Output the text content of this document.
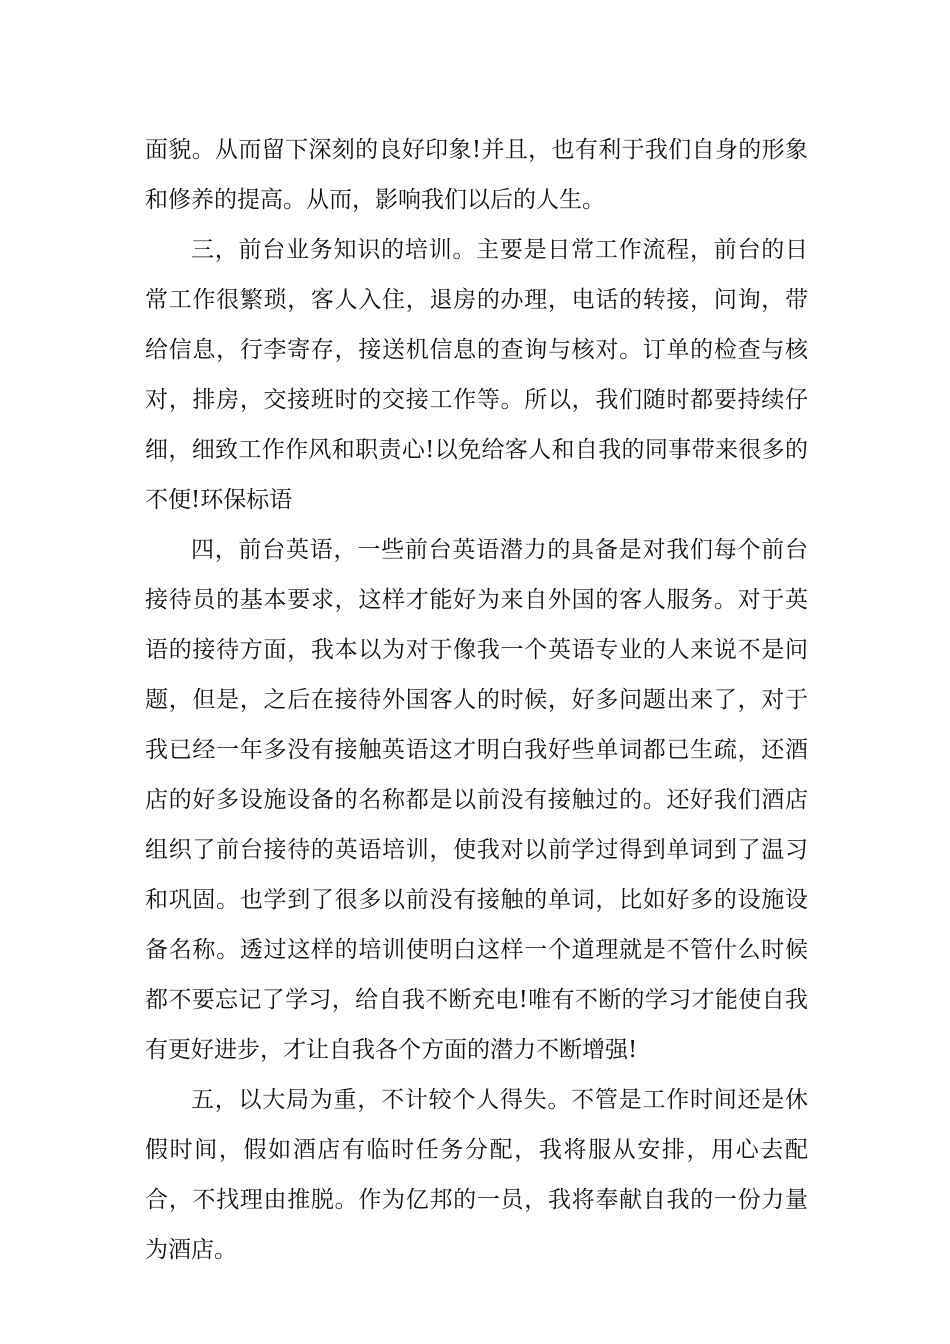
面貌。从而留下深刻的良好印象!并且，也有利于我们自身的形象和修养的提高。从而，影响我们以后的人生。

三，前台业务知识的培训。主要是日常工作流程，前台的日常工作很繁琐，客人入住，退房的办理，电话的转接，问询，带给信息，行李寄存，接送机信息的查询与核对。订单的检查与核对，排房，交接班时的交接工作等。所以，我们随时都要持续仔细，细致工作作风和职责心!以免给客人和自我的同事带来很多的不便!环保标语

四，前台英语，一些前台英语潜力的具备是对我们每个前台接待员的基本要求，这样才能好为来自外国的客人服务。对于英语的接待方面，我本以为对于像我一个英语专业的人来说不是问题，但是，之后在接待外国客人的时候，好多问题出来了，对于我已经一年多没有接触英语这才明白我好些单词都已生疏，还酒店的好多设施设备的名称都是以前没有接触过的。还好我们酒店组织了前台接待的英语培训，使我对以前学过得到单词到了温习和巩固。也学到了很多以前没有接触的单词，比如好多的设施设备名称。透过这样的培训使明白这样一个道理就是不管什么时候都不要忘记了学习，给自我不断充电!唯有不断的学习才能使自我有更好进步，才让自我各个方面的潜力不断增强!

五，以大局为重，不计较个人得失。不管是工作时间还是休假时间，假如酒店有临时任务分配，我将服从安排，用心去配合，不找理由推脱。作为亿邦的一员，我将奉献自我的一份力量为酒店。
